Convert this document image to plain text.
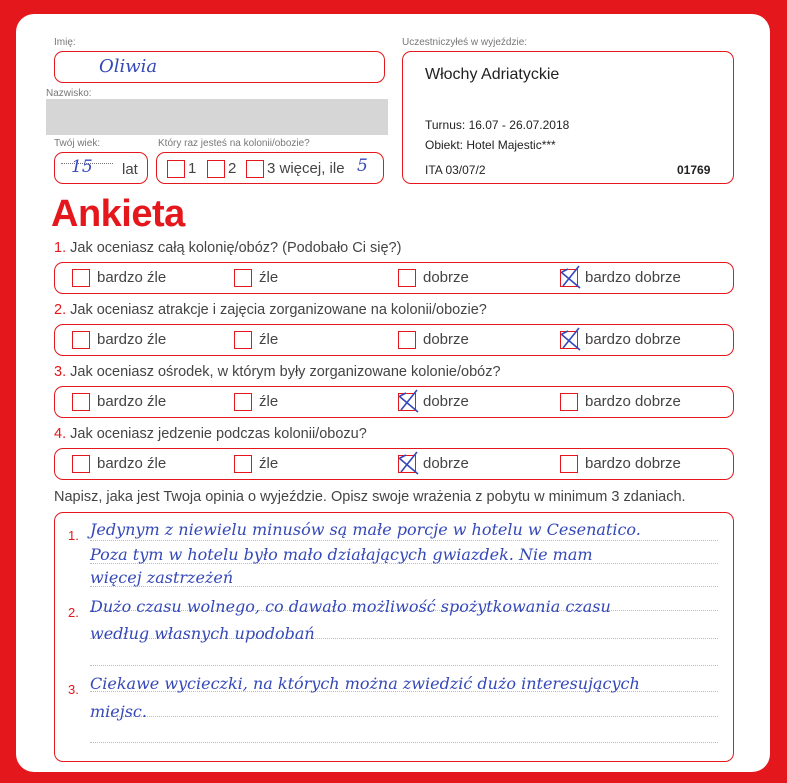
Imię:
Oliwia
Nazwisko:
Twój wiek:
15 lat
Który raz jesteś na kolonii/obozie?
1 2 3 więcej, ile 5
Uczestniczyłeś w wyjeździe:
Włochy Adriatyckie
Turnus: 16.07 - 26.07.2018
Obiekt: Hotel Majestic***
ITA 03/07/2	01769
Ankieta
1. Jak oceniasz całą kolonię/obóz? (Podobało Ci się?)
bardzo źle	źle	dobrze	bardzo dobrze
2. Jak oceniasz atrakcje i zajęcia zorganizowane na kolonii/obozie?
bardzo źle	źle	dobrze	bardzo dobrze
3. Jak oceniasz ośrodek, w którym były zorganizowane kolonie/obóz?
bardzo źle	źle	dobrze	bardzo dobrze
4. Jak oceniasz jedzenie podczas kolonii/obozu?
bardzo źle	źle	dobrze	bardzo dobrze
Napisz, jaka jest Twoja opinia o wyjeździe. Opisz swoje wrażenia z pobytu w minimum 3 zdaniach.
1. Jedynym z niewielu minusów są małe porcje w hotelu w Cesenatico.
Poza tym w hotelu było mało działających gwiazdek. Nie mam
więcej zastrzeżeń
2. Dużo czasu wolnego, co dawało możliwość spożytkowania czasu
według własnych upodobań
3. Ciekawe wycieczki, na których można zwiedzić dużo interesujących
miejsc.
